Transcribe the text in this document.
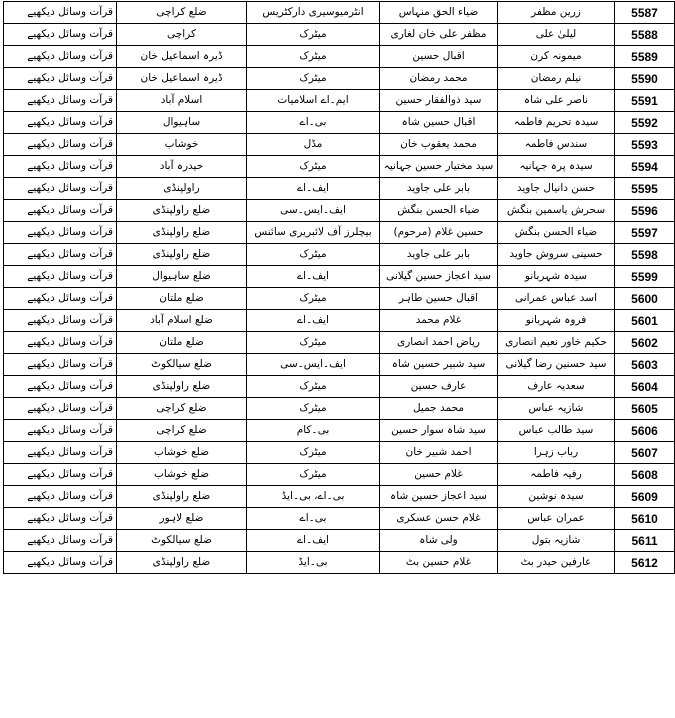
قرآت وسائل دیکھیے	ضلع کراچی	انٹرمیوسیری دارکٹریس	ضیاء الحق منہاس	زرین مظفر	5587
قرآت وسائل دیکھیے	کراچی	میٹرک	مظفر علی خان لغاری	لیلیٰ علی	5588
قرآت وسائل دیکھیے	ڈیرہ اسماعیل خان	میٹرک	اقبال حسین	میمونہ کرن	5589
قرآت وسائل دیکھیے	ڈیرہ اسماعیل خان	میٹرک	محمد رمضان	نیلم رمضان	5590
قرآت وسائل دیکھیے	اسلام آباد	ایم۔اے اسلامیات	سید ذوالفقار حسین	ناصر علی شاہ	5591
قرآت وسائل دیکھیے	ساہیوال	بی۔اے	اقبال حسین شاہ	سیدہ تحریم فاطمہ	5592
قرآت وسائل دیکھیے	خوشاب	مڈل	محمد یعقوب خان	سندس فاطمہ	5593
قرآت وسائل دیکھیے	حیدرہ آباد	میٹرک	سید مختیار حسین جہانیہ	سیدہ پرہ جہانیہ	5594
قرآت وسائل دیکھیے	راولپنڈی	ایف۔اے	بابر علی جاوید	حسن دانیال جاوید	5595
قرآت وسائل دیکھیے	ضلع راولپنڈی	ایف۔ایس۔سی	ضیاء الحسن بنگش	سحرش یاسمین بنگش	5596
قرآت وسائل دیکھیے	ضلع راولپنڈی	بیچلرز آف لائبریری سائنس	حسین غلام (مرحوم)	ضیاء الحسن بنگش	5597
قرآت وسائل دیکھیے	ضلع راولپنڈی	میٹرک	بابر علی جاوید	حسینی سروش جاوید	5598
قرآت وسائل دیکھیے	ضلع ساہیوال	ایف۔اے	سید اعجاز حسین گیلانی	سیدہ شہربانو	5599
قرآت وسائل دیکھیے	ضلع ملتان	میٹرک	اقبال حسین طاہر	اسد عباس عمرانی	5600
قرآت وسائل دیکھیے	ضلع اسلام آباد	ایف۔اے	غلام محمد	فروہ شہربانو	5601
قرآت وسائل دیکھیے	ضلع ملتان	میٹرک	ریاض احمد انصاری	حکیم خاور نعیم انصاری	5602
قرآت وسائل دیکھیے	ضلع سیالکوٹ	ایف۔ایس۔سی	سید شبیر حسین شاہ	سید حسنین رضا گیلانی	5603
قرآت وسائل دیکھیے	ضلع راولپنڈی	میٹرک	عارف حسین	سعدیہ عارف	5604
قرآت وسائل دیکھیے	ضلع کراچی	میٹرک	محمد جمیل	شازیہ عباس	5605
قرآت وسائل دیکھیے	ضلع کراچی	بی۔کام	سید شاہ سوار حسین	سید طالب عباس	5606
قرآت وسائل دیکھیے	ضلع خوشاب	میٹرک	احمد شبیر خان	رباب زہرا	5607
قرآت وسائل دیکھیے	ضلع خوشاب	میٹرک	غلام حسین	رفیہ فاطمہ	5608
قرآت وسائل دیکھیے	ضلع راولپنڈی	بی۔اے، بی۔ایڈ	سید اعجاز حسین شاہ	سیدہ نوشین	5609
قرآت وسائل دیکھیے	ضلع لاہور	بی۔اے	غلام حسن عسکری	عمران عباس	5610
قرآت وسائل دیکھیے	ضلع سیالکوٹ	ایف۔اے	ولی شاہ	شازیہ بتول	5611
قرآت وسائل دیکھیے	ضلع راولپنڈی	بی۔ایڈ	غلام حسین بٹ	عارفین حیدر بٹ	5612
